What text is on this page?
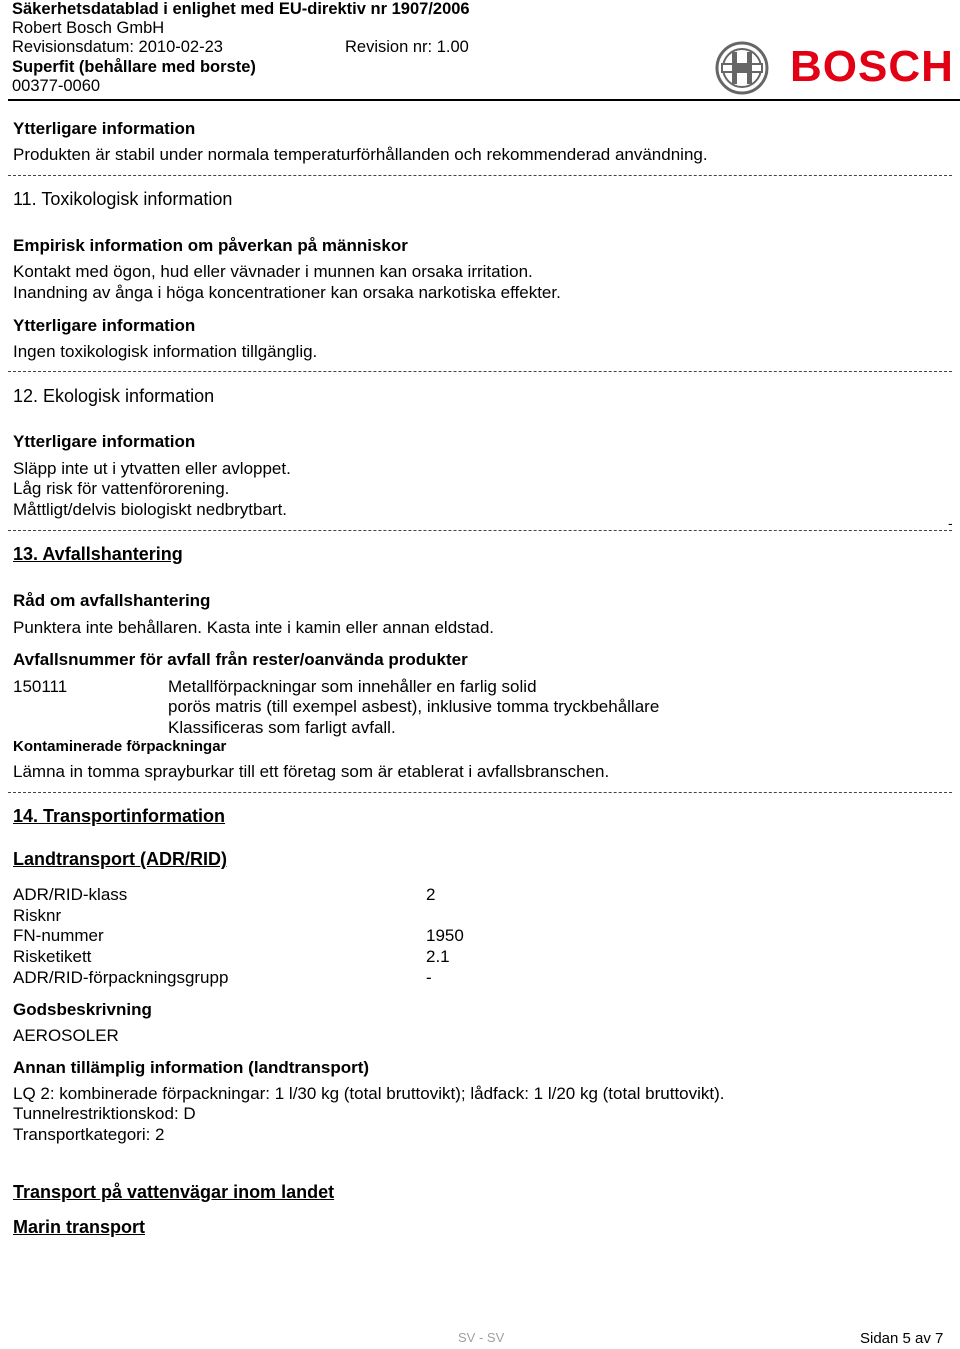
Säkerhetsdatablad i enlighet med EU-direktiv nr 1907/2006
Robert Bosch GmbH
Revisionsdatum: 2010-02-23	Revision nr: 1.00
Superfit (behållare med borste)
00377-0060	BOSCH
Ytterligare information
Produkten är stabil under normala temperaturförhållanden och rekommenderad användning.
11. Toxikologisk information
Empirisk information om påverkan på människor
Kontakt med ögon, hud eller vävnader i munnen kan orsaka irritation.
Inandning av ånga i höga koncentrationer kan orsaka narkotiska effekter.
Ytterligare information
Ingen toxikologisk information tillgänglig.
12. Ekologisk information
Ytterligare information
Släpp inte ut i ytvatten eller avloppet.
Låg risk för vattenförorening.
Måttligt/delvis biologiskt nedbrytbart.
-
13. Avfallshantering
Råd om avfallshantering
Punktera inte behållaren. Kasta inte i kamin eller annan eldstad.
Avfallsnummer för avfall från rester/oanvända produkter
150111	Metallförpackningar som innehåller en farlig solid
porös matris (till exempel asbest), inklusive tomma tryckbehållare
Klassificeras som farligt avfall.
Kontaminerade förpackningar
Lämna in tomma sprayburkar till ett företag som är etablerat i avfallsbranschen.
14. Transportinformation
Landtransport (ADR/RID)
ADR/RID-klass	2
Risknr
FN-nummer	1950
Risketikett	2.1
ADR/RID-förpackningsgrupp	-
Godsbeskrivning
AEROSOLER
Annan tillämplig information (landtransport)
LQ 2: kombinerade förpackningar: 1 l/30 kg (total bruttovikt); lådfack: 1 l/20 kg (total bruttovikt).
Tunnelrestriktionskod: D
Transportkategori: 2
Transport på vattenvägar inom landet
Marin transport
SV - SV	Sidan 5 av 7
